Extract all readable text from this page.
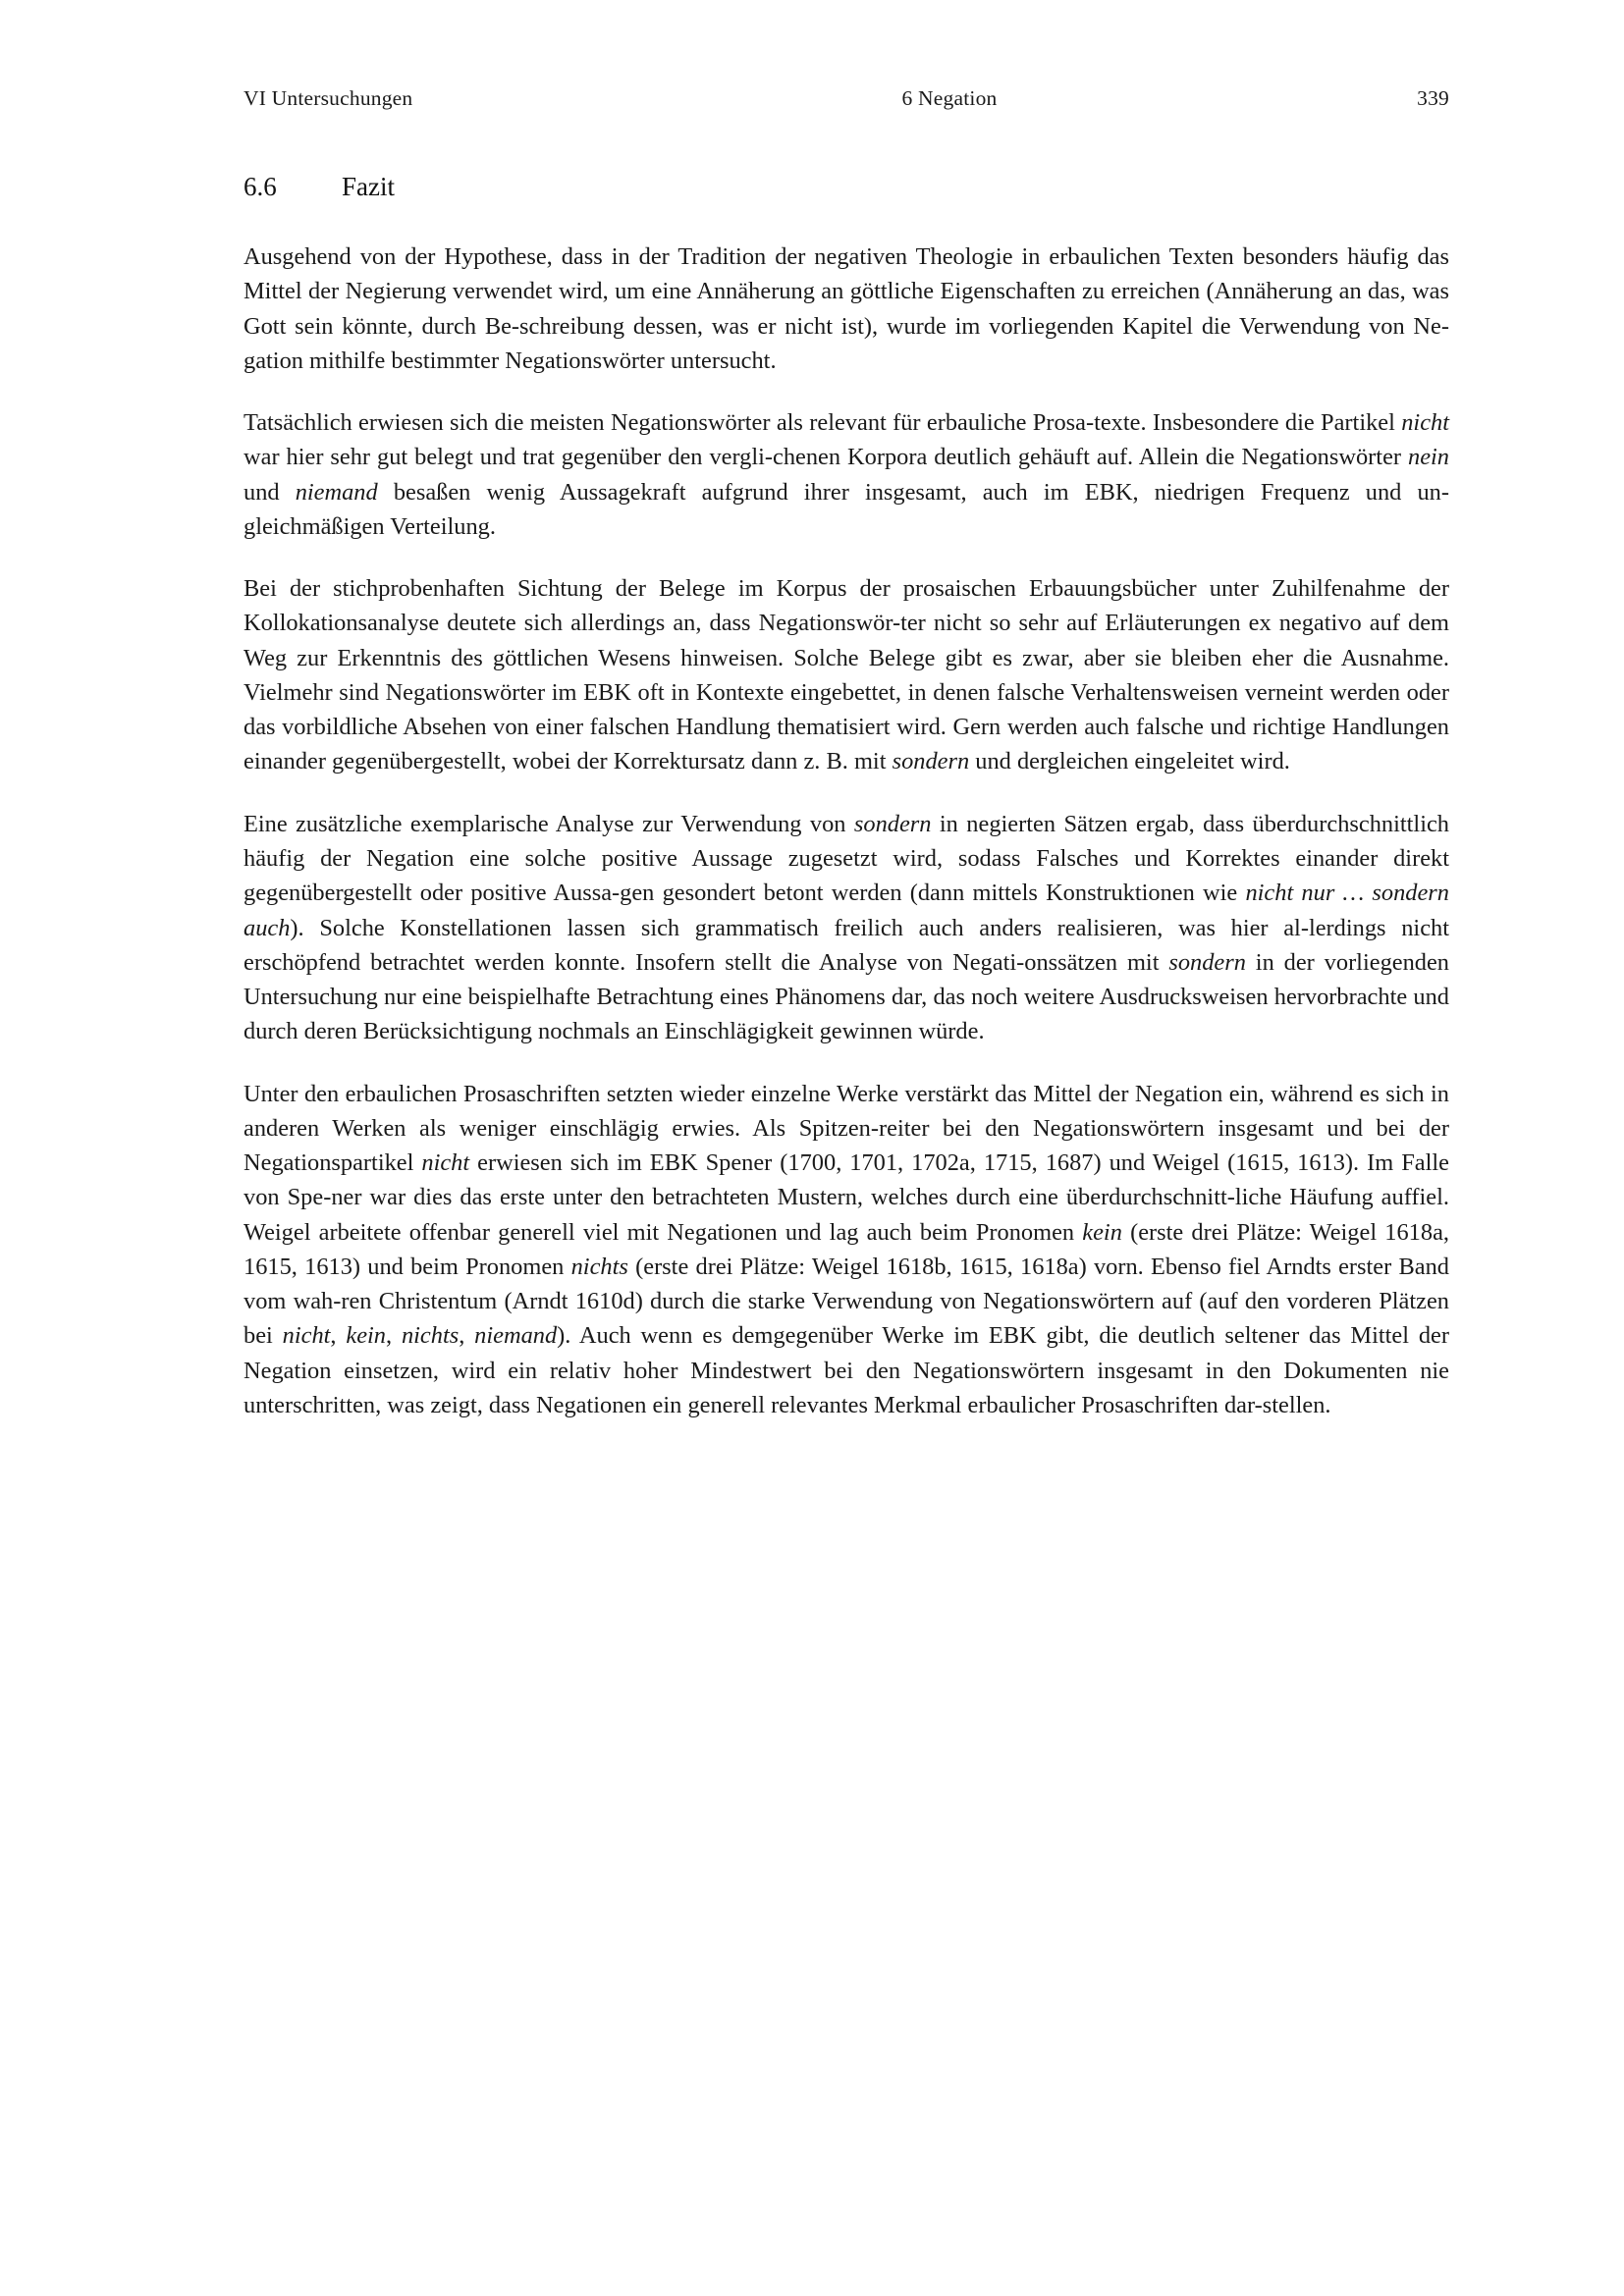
VI Untersuchungen	6 Negation	339
6.6	Fazit

Ausgehend von der Hypothese, dass in der Tradition der negativen Theologie in erbaulichen Texten besonders häufig das Mittel der Negierung verwendet wird, um eine Annäherung an göttliche Eigenschaften zu erreichen (Annäherung an das, was Gott sein könnte, durch Be-schreibung dessen, was er nicht ist), wurde im vorliegenden Kapitel die Verwendung von Ne-gation mithilfe bestimmter Negationswörter untersucht.

Tatsächlich erwiesen sich die meisten Negationswörter als relevant für erbauliche Prosa-texte. Insbesondere die Partikel nicht war hier sehr gut belegt und trat gegenüber den vergli-chenen Korpora deutlich gehäuft auf. Allein die Negationswörter nein und niemand besaßen wenig Aussagekraft aufgrund ihrer insgesamt, auch im EBK, niedrigen Frequenz und un-gleichmäßigen Verteilung.

Bei der stichprobenhaften Sichtung der Belege im Korpus der prosaischen Erbauungsbücher unter Zuhilfenahme der Kollokationsanalyse deutete sich allerdings an, dass Negationswör-ter nicht so sehr auf Erläuterungen ex negativo auf dem Weg zur Erkenntnis des göttlichen Wesens hinweisen. Solche Belege gibt es zwar, aber sie bleiben eher die Ausnahme. Vielmehr sind Negationswörter im EBK oft in Kontexte eingebettet, in denen falsche Verhaltensweisen verneint werden oder das vorbildliche Absehen von einer falschen Handlung thematisiert wird. Gern werden auch falsche und richtige Handlungen einander gegenübergestellt, wobei der Korrektursatz dann z. B. mit sondern und dergleichen eingeleitet wird.

Eine zusätzliche exemplarische Analyse zur Verwendung von sondern in negierten Sätzen ergab, dass überdurchschnittlich häufig der Negation eine solche positive Aussage zugesetzt wird, sodass Falsches und Korrektes einander direkt gegenübergestellt oder positive Aussa-gen gesondert betont werden (dann mittels Konstruktionen wie nicht nur … sondern auch). Solche Konstellationen lassen sich grammatisch freilich auch anders realisieren, was hier al-lerdings nicht erschöpfend betrachtet werden konnte. Insofern stellt die Analyse von Negati-onssätzen mit sondern in der vorliegenden Untersuchung nur eine beispielhafte Betrachtung eines Phänomens dar, das noch weitere Ausdrucksweisen hervorbrachte und durch deren Berücksichtigung nochmals an Einschlägigkeit gewinnen würde.

Unter den erbaulichen Prosaschriften setzten wieder einzelne Werke verstärkt das Mittel der Negation ein, während es sich in anderen Werken als weniger einschlägig erwies. Als Spitzen-reiter bei den Negationswörtern insgesamt und bei der Negationspartikel nicht erwiesen sich im EBK Spener (1700, 1701, 1702a, 1715, 1687) und Weigel (1615, 1613). Im Falle von Spe-ner war dies das erste unter den betrachteten Mustern, welches durch eine überdurchschnitt-liche Häufung auffiel. Weigel arbeitete offenbar generell viel mit Negationen und lag auch beim Pronomen kein (erste drei Plätze: Weigel 1618a, 1615, 1613) und beim Pronomen nichts (erste drei Plätze: Weigel 1618b, 1615, 1618a) vorn. Ebenso fiel Arndts erster Band vom wah-ren Christentum (Arndt 1610d) durch die starke Verwendung von Negationswörtern auf (auf den vorderen Plätzen bei nicht, kein, nichts, niemand). Auch wenn es demgegenüber Werke im EBK gibt, die deutlich seltener das Mittel der Negation einsetzen, wird ein relativ hoher Mindestwert bei den Negationswörtern insgesamt in den Dokumenten nie unterschritten, was zeigt, dass Negationen ein generell relevantes Merkmal erbaulicher Prosaschriften dar-stellen.
